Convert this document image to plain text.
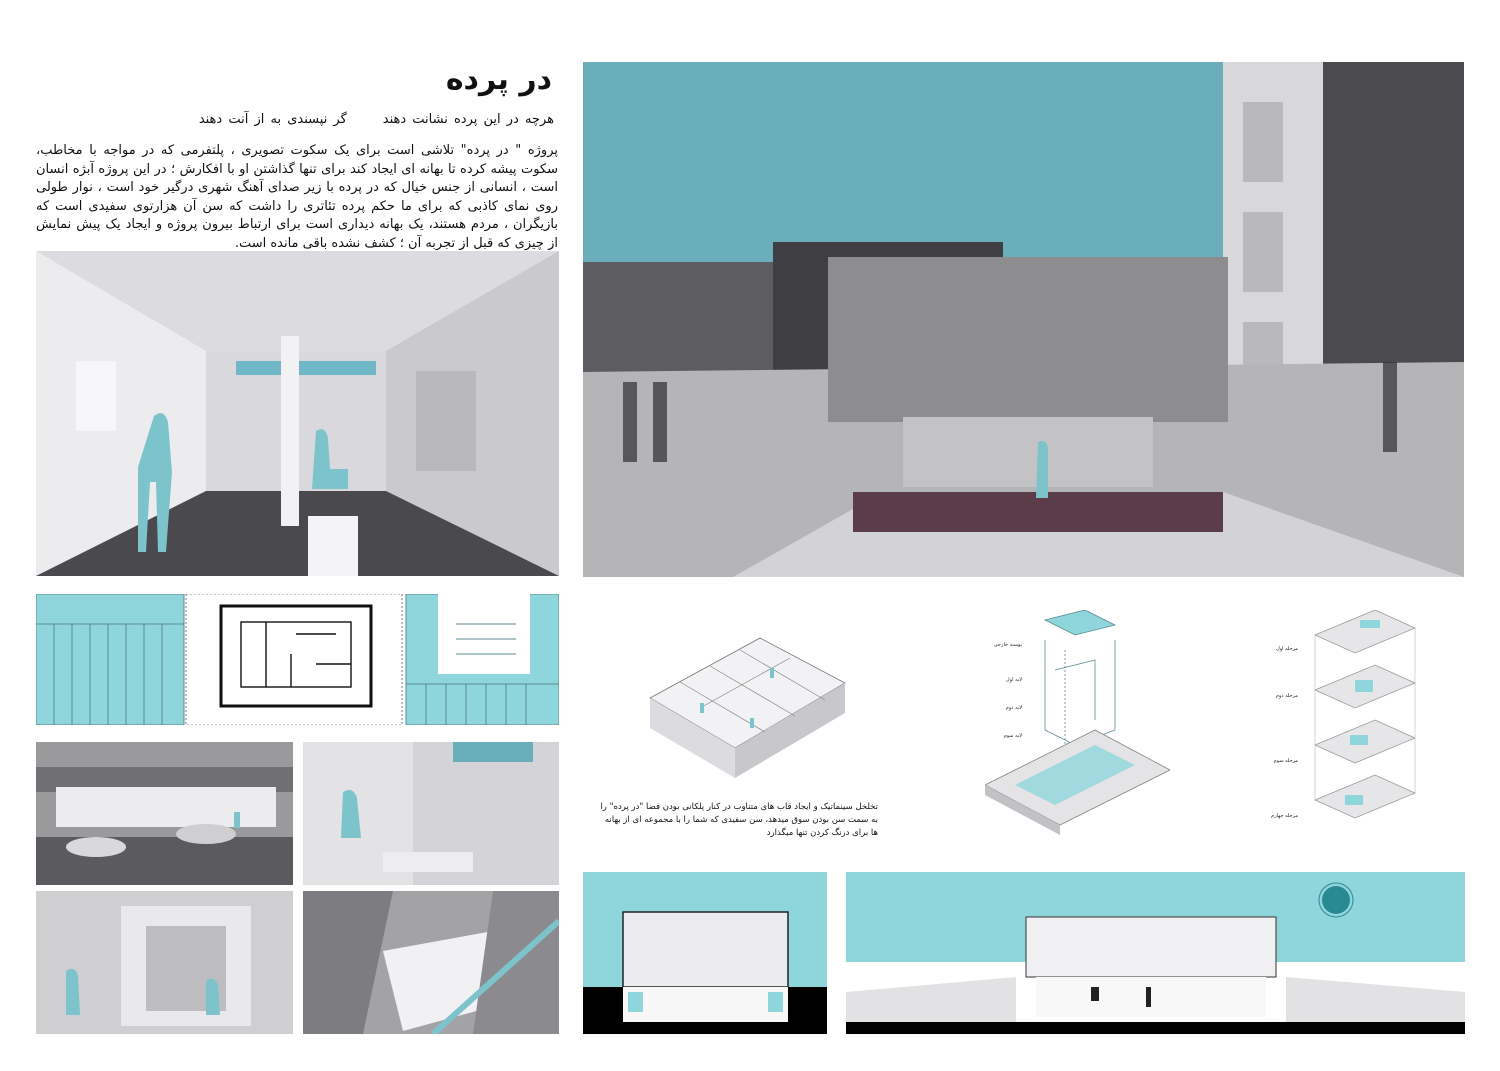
در پرده
هرچه در این پرده نشانت دهندگر نپسندی به از آنت دهند
پروژه " در پرده" تلاشی است برای یک سکوت تصویری ، پلتفرمی که در مواجه با مخاطب، سکوت پیشه کرده تا بهانه ای ایجاد کند برای تنها گذاشتن او با افکارش ؛ در این پروژه آبژه انسان است ، انسانی از جنس خیال که در پرده با زیر صدای آهنگ شهری درگیر خود است ، نوار طولی روی نمای کاذبی که برای ما حکم پرده تئاتری را داشت که سن آن هزارتوی سفیدی است که بازیگران ، مردم هستند، یک بهانه دیداری است برای ارتباط بیرون پروژه و ایجاد یک پیش نمایش از چیزی که قبل از تجربه آن ؛ کشف نشده باقی مانده است.
تخلخل سینماتیک و ایجاد قاب های متناوب در کنار پلکانی بودن فضا "در پرده" را به سمت سن بودن سوق میدهد، سن سفیدی که شما را با مجموعه ای از بهانه ها برای درنگ کردن تنها میگذارد
پوسته خارجی
لایه اول
لایه دوم
لایه سوم
مرحله اول
مرحله دوم
مرحله سوم
مرحله چهارم
